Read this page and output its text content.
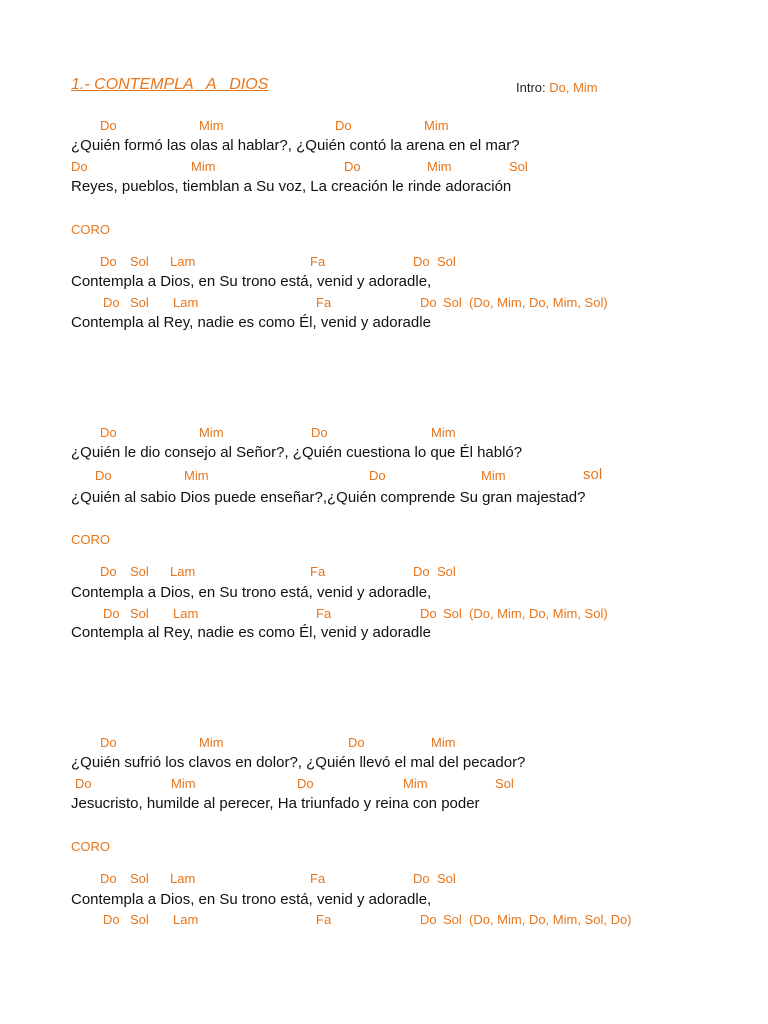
1.- CONTEMPLA   A   DIOS	Intro: Do, Mim
Do	Mim	Do	Mim
¿Quién formó las olas al hablar?, ¿Quién contó la arena en el mar?
Do	Mim	Do	Mim	Sol
Reyes, pueblos, tiemblan a Su voz, La creación le rinde adoración
CORO
Do Sol Lam	Fa	Do Sol
Contempla a Dios, en Su trono está, venid y adoradle,
Do Sol Lam	Fa	Do Sol (Do, Mim, Do, Mim, Sol)
Contempla al Rey, nadie es como Él, venid y adoradle
Do	Mim	Do	Mim
¿Quién le dio consejo al Señor?, ¿Quién cuestiona lo que Él habló?
Do	Mim	Do	Mim	sol
¿Quién al sabio Dios puede enseñar?,¿Quién comprende Su gran majestad?
CORO
Do Sol Lam	Fa	Do Sol
Contempla a Dios, en Su trono está, venid y adoradle,
Do Sol Lam	Fa	Do Sol (Do, Mim, Do, Mim, Sol)
Contempla al Rey, nadie es como Él, venid y adoradle
Do	Mim	Do	Mim
¿Quién sufrió los clavos en dolor?, ¿Quién llevó el mal del pecador?
Do	Mim	Do	Mim	Sol
Jesucristo, humilde al perecer, Ha triunfado y reina con poder
CORO
Do Sol Lam	Fa	Do Sol
Contempla a Dios, en Su trono está, venid y adoradle,
Do Sol Lam	Fa	Do Sol (Do, Mim, Do, Mim, Sol, Do)
